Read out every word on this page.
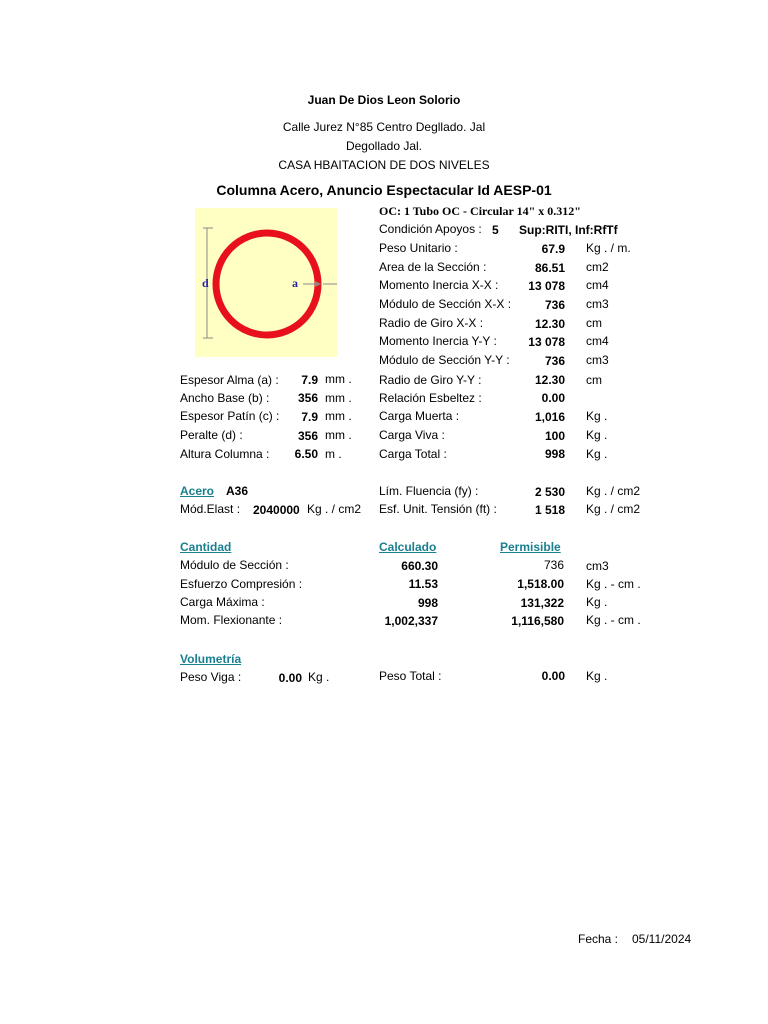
Juan De Dios Leon Solorio
Calle Jurez N°85 Centro Degllado. Jal
Degollado Jal.
CASA HBAITACION DE DOS NIVELES
Columna Acero, Anuncio Espectacular Id AESP-01
d	a
OC: 1 Tubo OC - Circular 14" x 0.312"
Condición Apoyos : 5 Sup:RITI, Inf:RfTf
Peso Unitario :	67.9 Kg . / m.
Area de la Sección :	86.51 cm2
Momento Inercia X-X :	13 078 cm4
Módulo de Sección X-X :	736 cm3
Radio de Giro X-X :	12.30 cm
Momento Inercia Y-Y :	13 078 cm4
Módulo de Sección Y-Y :	736 cm3
Radio de Giro Y-Y :	12.30 cm
Relación Esbeltez :	0.00
Carga Muerta :	1,016 Kg .
Carga Viva :	100 Kg .
Carga Total :	998 Kg .
Espesor Alma (a) :	7.9 mm .
Ancho Base (b) :	356 mm .
Espesor Patín (c) :	7.9 mm .
Peralte (d) :	356 mm .
Altura Columna :	6.50 m .
Acero A36
Mód.Elast : 2040000 Kg . / cm2
Lím. Fluencia (fy) :	2 530 Kg . / cm2
Esf. Unit. Tensión (ft) :	1 518 Kg . / cm2
Cantidad	Calculado	Permisible
Módulo de Sección :	660.30	736 cm3
Esfuerzo Compresión :	11.53	1,518.00 Kg . - cm .
Carga Máxima :	998	131,322 Kg .
Mom. Flexionante :	1,002,337	1,116,580 Kg . - cm .
Volumetría
Peso Viga :	0.00 Kg .	Peso Total :	0.00 Kg .
Fecha : 05/11/2024
